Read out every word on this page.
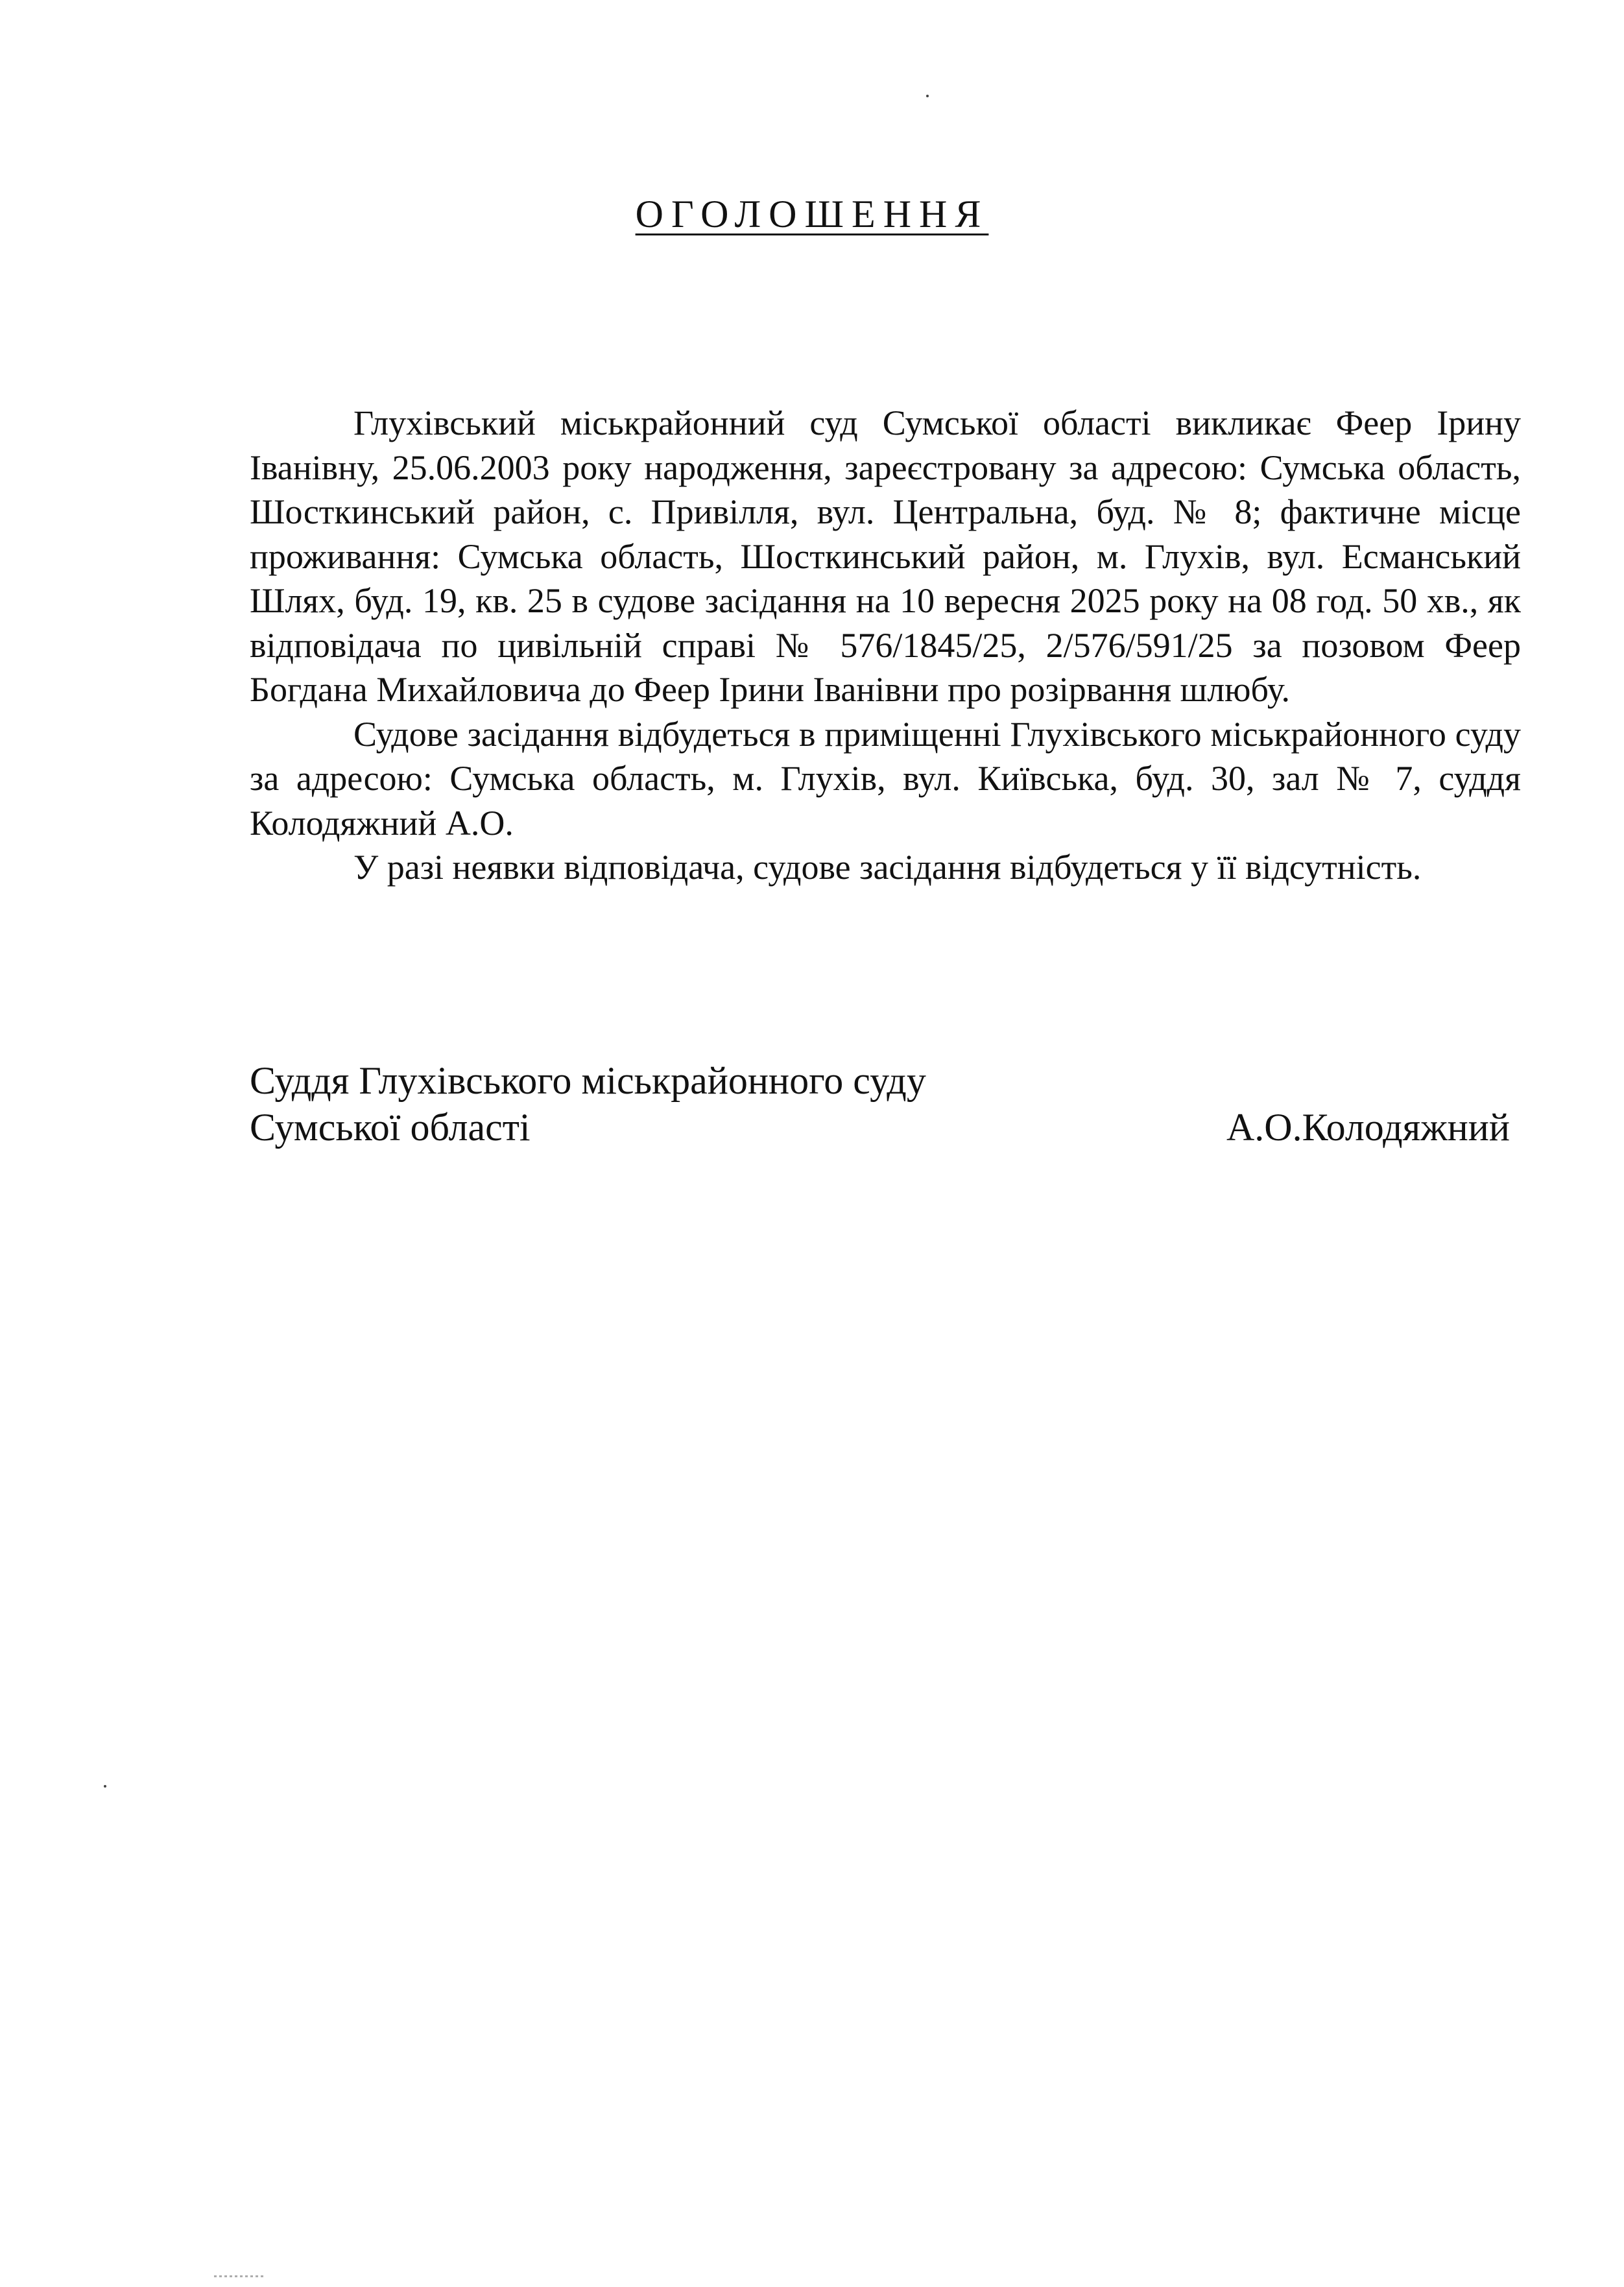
ОГОЛОШЕННЯ

Глухівський міськрайонний суд Сумської області викликає Феер Ірину Іванівну, 25.06.2003 року народження, зареєстровану за адресою: Сумська область, Шосткинський район, с. Привілля, вул. Центральна, буд. № 8; фактичне місце проживання: Сумська область, Шосткинський район, м. Глухів, вул. Есманський Шлях, буд. 19, кв. 25 в судове засідання на 10 вересня 2025 року на 08 год. 50 хв., як відповідача по цивільній справі № 576/1845/25, 2/576/591/25 за позовом Феер Богдана Михайловича до Феер Ірини Іванівни про розірвання шлюбу.

Судове засідання відбудеться в приміщенні Глухівського міськрайонного суду за адресою: Сумська область, м. Глухів, вул. Київська, буд. 30, зал № 7, суддя Колодяжний А.О.

У разі неявки відповідача, судове засідання відбудеться у її відсутність.

Суддя Глухівського міськрайонного суду
Сумської області	А.О.Колодяжний
